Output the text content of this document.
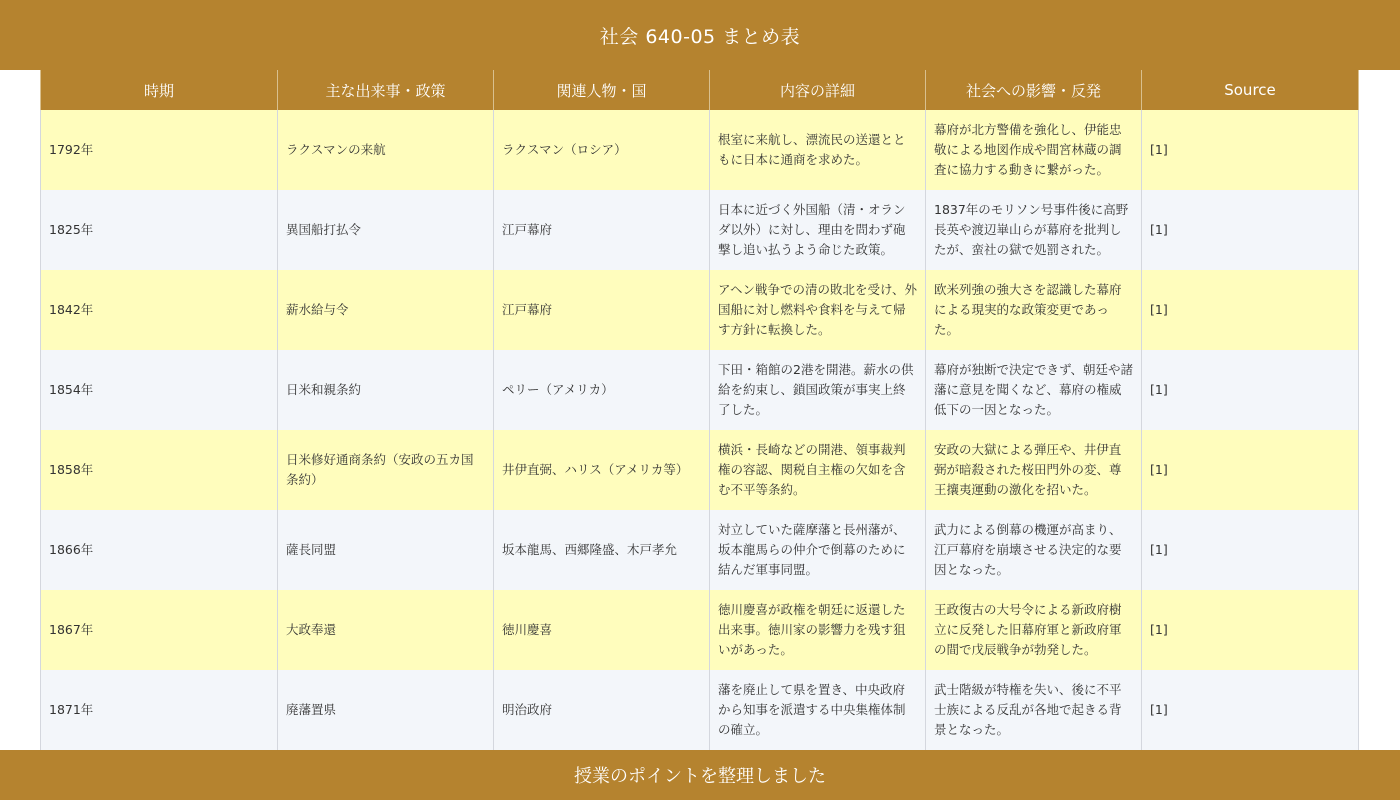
社会 640-05 まとめ表
時期	主な出来事・政策	関連人物・国	内容の詳細	社会への影響・反発	Source
1792年	ラクスマンの来航	ラクスマン（ロシア）	根室に来航し、漂流民の送還とともに日本に通商を求めた。	幕府が北方警備を強化し、伊能忠敬による地図作成や間宮林蔵の調査に協力する動きに繋がった。	[1]
1825年	異国船打払令	江戸幕府	日本に近づく外国船（清・オランダ以外）に対し、理由を問わず砲撃し追い払うよう命じた政策。	1837年のモリソン号事件後に高野長英や渡辺崋山らが幕府を批判したが、蛮社の獄で処罰された。	[1]
1842年	薪水給与令	江戸幕府	アヘン戦争での清の敗北を受け、外国船に対し燃料や食料を与えて帰す方針に転換した。	欧米列強の強大さを認識した幕府による現実的な政策変更であった。	[1]
1854年	日米和親条約	ペリー（アメリカ）	下田・箱館の2港を開港。薪水の供給を約束し、鎖国政策が事実上終了した。	幕府が独断で決定できず、朝廷や諸藩に意見を聞くなど、幕府の権威低下の一因となった。	[1]
1858年	日米修好通商条約（安政の五カ国条約）	井伊直弼、ハリス（アメリカ等）	横浜・長崎などの開港、領事裁判権の容認、関税自主権の欠如を含む不平等条約。	安政の大獄による弾圧や、井伊直弼が暗殺された桜田門外の変、尊王攘夷運動の激化を招いた。	[1]
1866年	薩長同盟	坂本龍馬、西郷隆盛、木戸孝允	対立していた薩摩藩と長州藩が、坂本龍馬らの仲介で倒幕のために結んだ軍事同盟。	武力による倒幕の機運が高まり、江戸幕府を崩壊させる決定的な要因となった。	[1]
1867年	大政奉還	徳川慶喜	徳川慶喜が政権を朝廷に返還した出来事。徳川家の影響力を残す狙いがあった。	王政復古の大号令による新政府樹立に反発した旧幕府軍と新政府軍の間で戊辰戦争が勃発した。	[1]
1871年	廃藩置県	明治政府	藩を廃止して県を置き、中央政府から知事を派遣する中央集権体制の確立。	武士階級が特権を失い、後に不平士族による反乱が各地で起きる背景となった。	[1]
授業のポイントを整理しました
